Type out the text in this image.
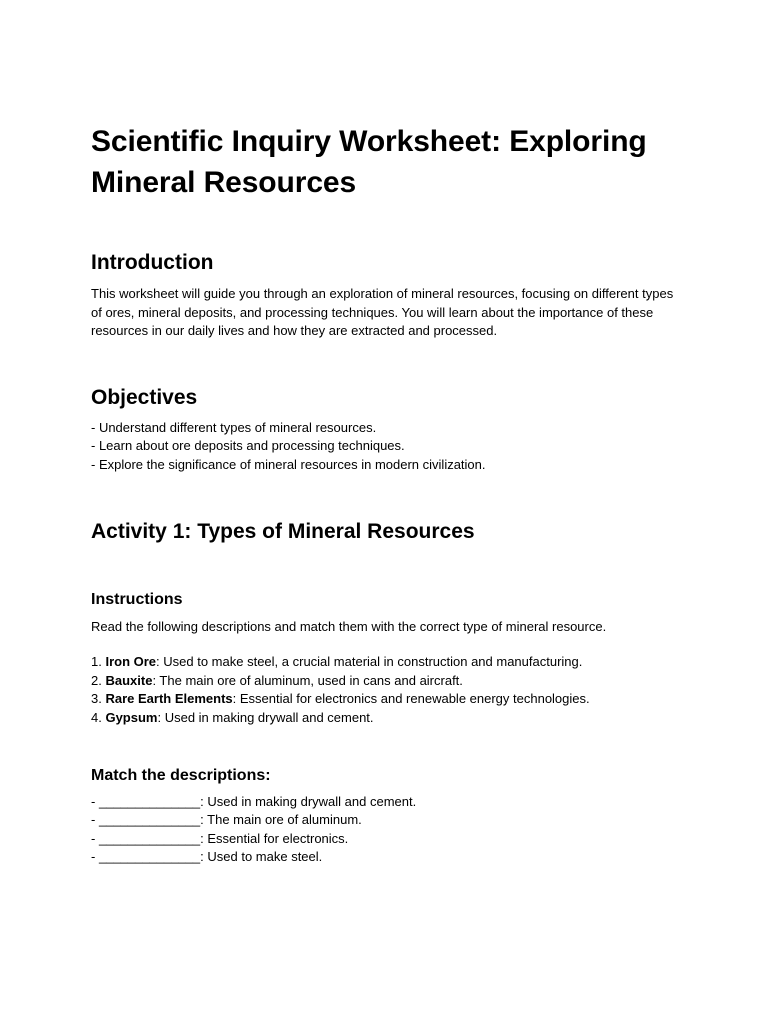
Scientific Inquiry Worksheet: Exploring Mineral Resources
Introduction

This worksheet will guide you through an exploration of mineral resources, focusing on different types of ores, mineral deposits, and processing techniques. You will learn about the importance of these resources in our daily lives and how they are extracted and processed.

Objectives
- Understand different types of mineral resources.
- Learn about ore deposits and processing techniques.
- Explore the significance of mineral resources in modern civilization.
Activity 1: Types of Mineral Resources
Instructions

Read the following descriptions and match them with the correct type of mineral resource.

1. Iron Ore: Used to make steel, a crucial material in construction and manufacturing.
2. Bauxite: The main ore of aluminum, used in cans and aircraft.
3. Rare Earth Elements: Essential for electronics and renewable energy technologies.
4. Gypsum: Used in making drywall and cement.
Match the descriptions:
- ______________: Used in making drywall and cement.
- ______________: The main ore of aluminum.
- ______________: Essential for electronics.
- ______________: Used to make steel.
